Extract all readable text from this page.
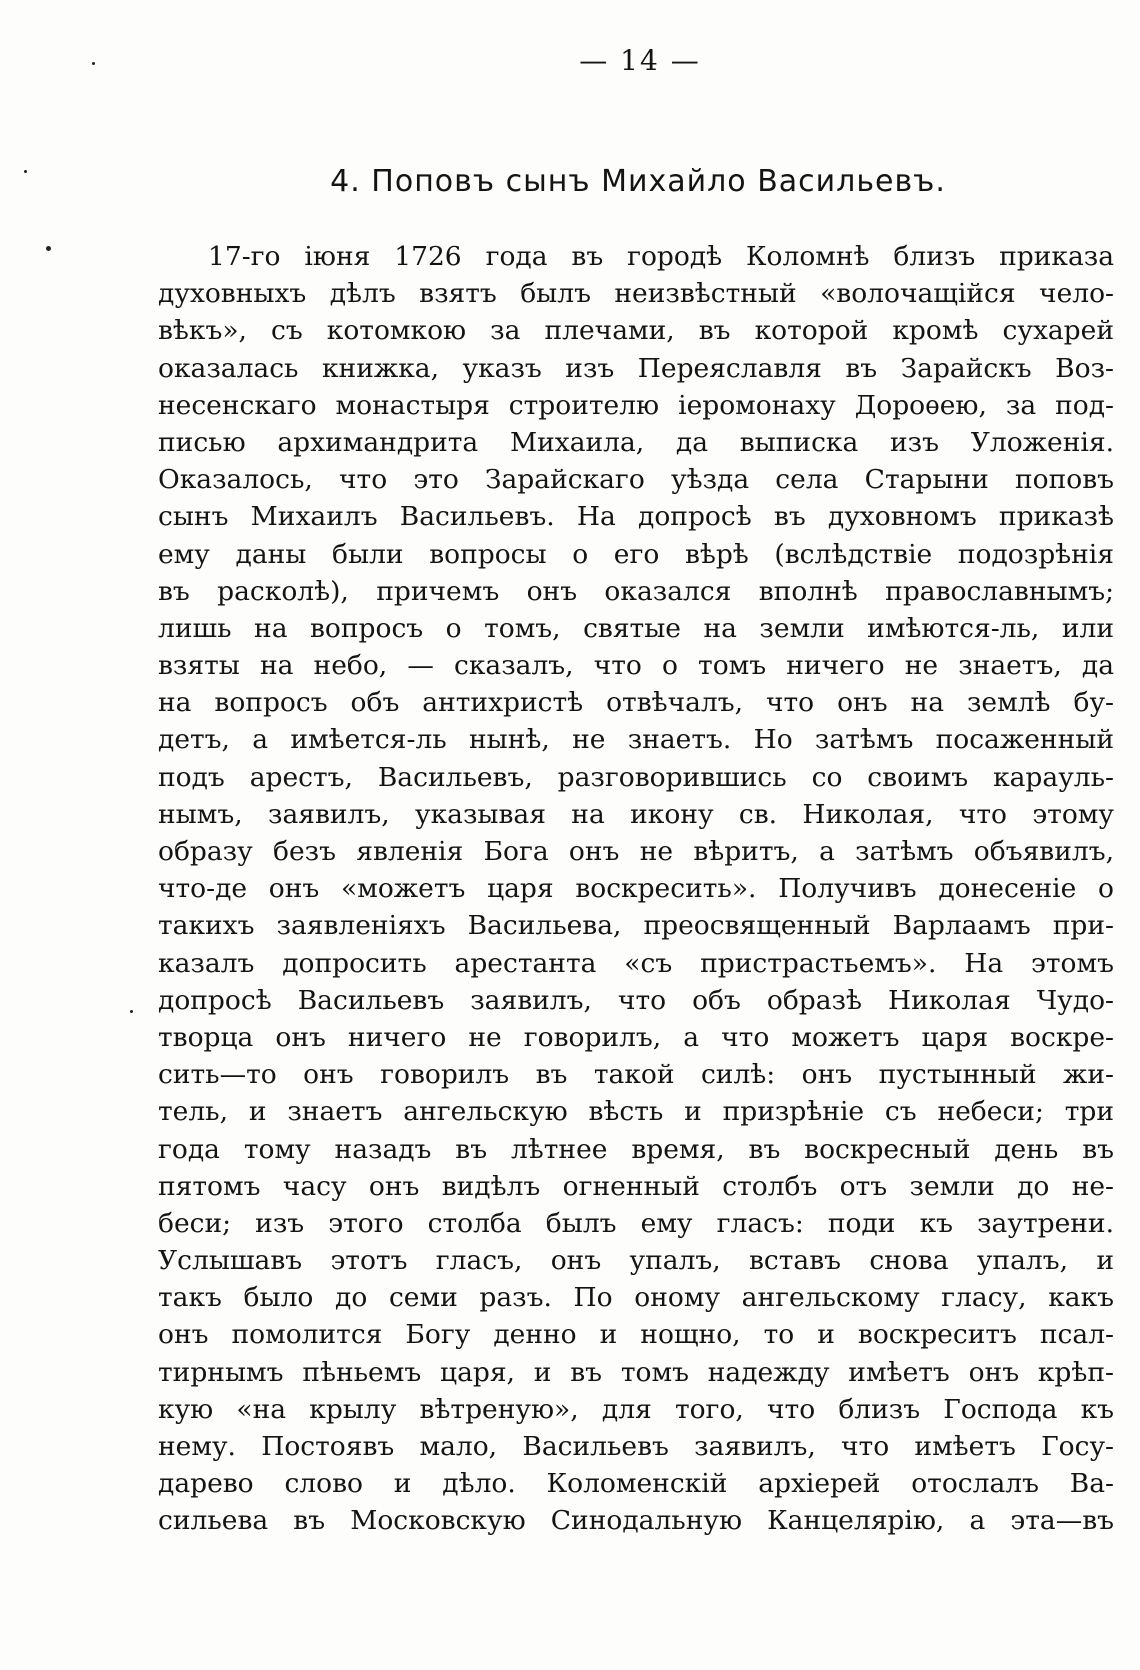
— 14 —
4. Поповъ сынъ Михайло Васильевъ.
17-го іюня 1726 года въ городѣ Коломнѣ близъ приказа
духовныхъ дѣлъ взятъ былъ неизвѣстный «волочащійся чело-
вѣкъ», съ котомкою за плечами, въ которой кромѣ сухарей
оказалась книжка, указъ изъ Переяславля въ Зарайскъ Воз-
несенскаго монастыря строителю іеромонаху Дороѳею, за под-
писью архимандрита Михаила, да выписка изъ Уложенія.
Оказалось, что это Зарайскаго уѣзда села Старыни поповъ
сынъ Михаилъ Васильевъ. На допросѣ въ духовномъ приказѣ
ему даны были вопросы о его вѣрѣ (вслѣдствіе подозрѣнія
въ расколѣ), причемъ онъ оказался вполнѣ православнымъ;
лишь на вопросъ о томъ, святые на земли имѣются-ль, или
взяты на небо, — сказалъ, что о томъ ничего не знаетъ, да
на вопросъ объ антихристѣ отвѣчалъ, что онъ на землѣ бу-
детъ, а имѣется-ль нынѣ, не знаетъ. Но затѣмъ посаженный
подъ арестъ, Васильевъ, разговорившись со своимъ карауль-
нымъ, заявилъ, указывая на икону св. Николая, что этому
образу безъ явленія Бога онъ не вѣритъ, а затѣмъ объявилъ,
что-де онъ «можетъ царя воскресить». Получивъ донесеніе о
такихъ заявленіяхъ Васильева, преосвященный Варлаамъ при-
казалъ допросить арестанта «съ пристрастьемъ». На этомъ
допросѣ Васильевъ заявилъ, что объ образѣ Николая Чудо-
творца онъ ничего не говорилъ, а что можетъ царя воскре-
сить—то онъ говорилъ въ такой силѣ: онъ пустынный жи-
тель, и знаетъ ангельскую вѣсть и призрѣніе съ небеси; три
года тому назадъ въ лѣтнее время, въ воскресный день въ
пятомъ часу онъ видѣлъ огненный столбъ отъ земли до не-
беси; изъ этого столба былъ ему гласъ: поди къ заутрени.
Услышавъ этотъ гласъ, онъ упалъ, вставъ снова упалъ, и
такъ было до семи разъ. По оному ангельскому гласу, какъ
онъ помолится Богу денно и нощно, то и воскреситъ псал-
тирнымъ пѣньемъ царя, и въ томъ надежду имѣетъ онъ крѣп-
кую «на крылу вѣтреную», для того, что близъ Господа къ
нему. Постоявъ мало, Васильевъ заявилъ, что имѣетъ Госу-
дарево слово и дѣло. Коломенскій архіерей отослалъ Ва-
сильева въ Московскую Синодальную Канцелярію, а эта—въ
